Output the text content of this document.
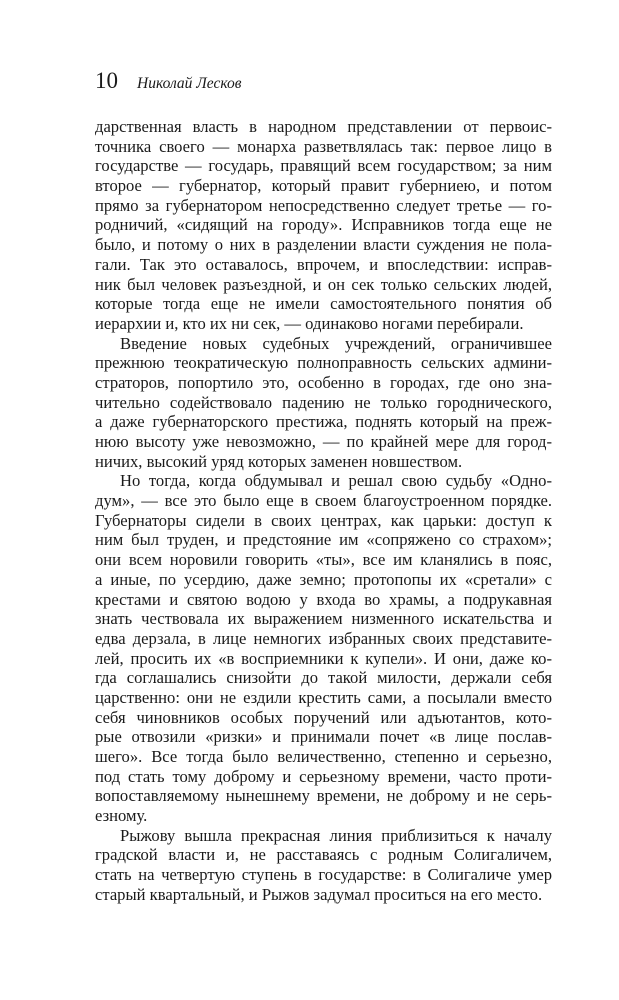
10 Николай Лесков
дарственная власть в народном представлении от первоис-
точника своего — монарха разветвлялась так: первое лицо в
государстве — государь, правящий всем государством; за ним
второе — губернатор, который правит губерниею, и потом
прямо за губернатором непосредственно следует третье — го-
родничий, «сидящий на городу». Исправников тогда еще не
было, и потому о них в разделении власти суждения не пола-
гали. Так это оставалось, впрочем, и впоследствии: исправ-
ник был человек разъездной, и он сек только сельских людей,
которые тогда еще не имели самостоятельного понятия об
иерархии и, кто их ни сек, — одинаково ногами перебирали.
Введение новых судебных учреждений, ограничившее
прежнюю теократическую полноправность сельских админи-
страторов, попортило это, особенно в городах, где оно зна-
чительно содействовало падению не только городнического,
а даже губернаторского престижа, поднять который на преж-
нюю высоту уже невозможно, — по крайней мере для город-
ничих, высокий уряд которых заменен новшеством.
Но тогда, когда обдумывал и решал свою судьбу «Одно-
дум», — все это было еще в своем благоустроенном порядке.
Губернаторы сидели в своих центрах, как царьки: доступ к
ним был труден, и предстояние им «сопряжено со страхом»;
они всем норовили говорить «ты», все им кланялись в пояс,
а иные, по усердию, даже земно; протопопы их «сретали» с
крестами и святою водою у входа во храмы, а подрукавная
знать чествовала их выражением низменного искательства и
едва дерзала, в лице немногих избранных своих представите-
лей, просить их «в восприемники к купели». И они, даже ко-
гда соглашались снизойти до такой милости, держали себя
царственно: они не ездили крестить сами, а посылали вместо
себя чиновников особых поручений или адъютантов, кото-
рые отвозили «ризки» и принимали почет «в лице послав-
шего». Все тогда было величественно, степенно и серьезно,
под стать тому доброму и серьезному времени, часто проти-
вопоставляемому нынешнему времени, не доброму и не серь-
езному.
Рыжову вышла прекрасная линия приблизиться к началу
градской власти и, не расставаясь с родным Солигаличем,
стать на четвертую ступень в государстве: в Солигаличе умер
старый квартальный, и Рыжов задумал проситься на его место.
